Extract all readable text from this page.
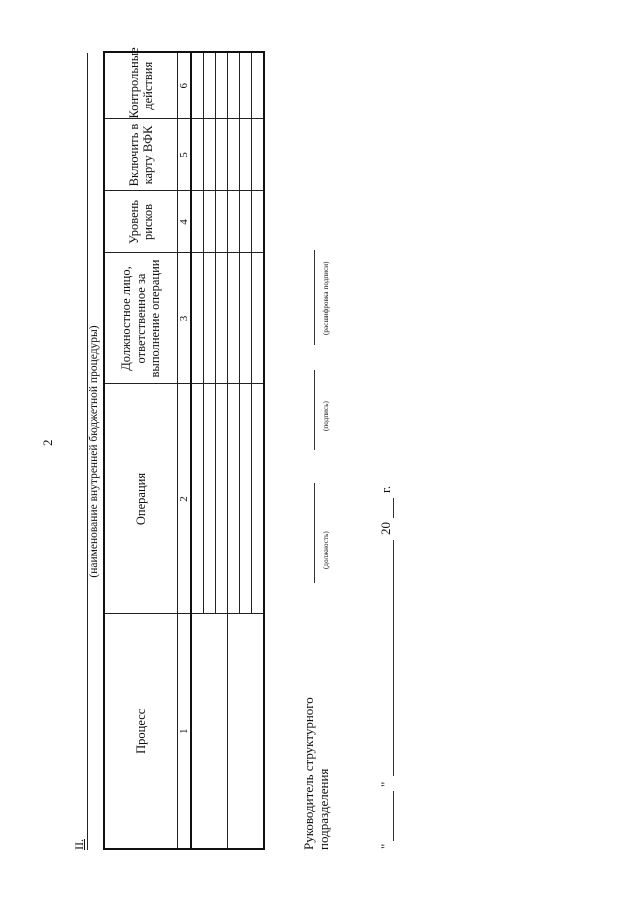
2
II.
(наименование внутренней бюджетной процедуры)
Процесс	Операция	Должностное лицо, ответственное за выполнение операции	Уровень рисков	Включить в карту ВФК	Контрольные действия
1	2	3	4	5	6

Руководитель структурного подразделения
(должность)
(подпись)
(расшифровка подписи)
"
"
20
г.
